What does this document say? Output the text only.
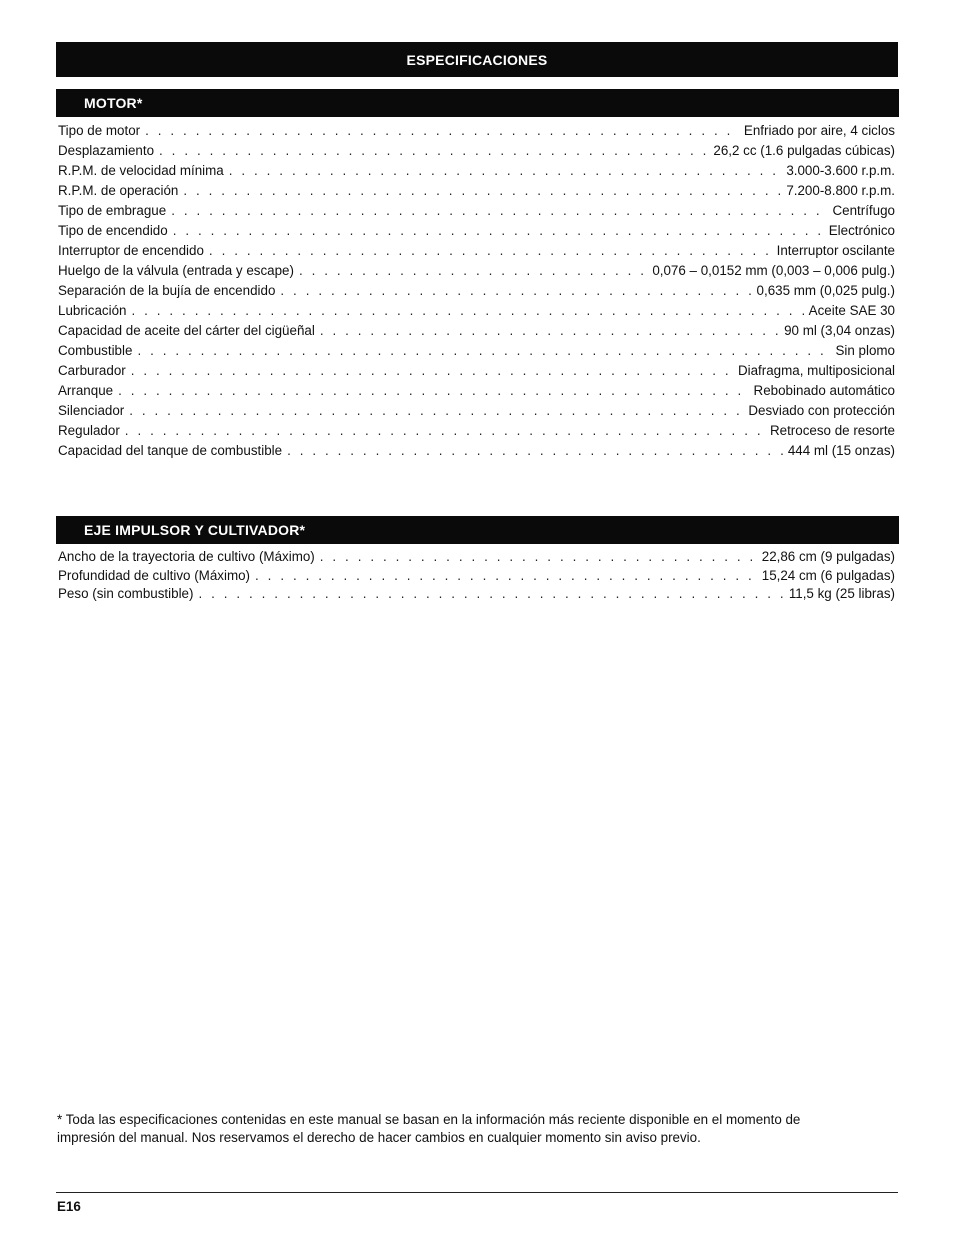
ESPECIFICACIONES
MOTOR*
Tipo de motor . . .	Enfriado por aire, 4 ciclos
Desplazamiento . . .	26,2 cc (1.6 pulgadas cúbicas)
R.P.M. de velocidad mínima . . .	3.000-3.600 r.p.m.
R.P.M. de operación . . .	7.200-8.800 r.p.m.
Tipo de embrague . . .	Centrífugo
Tipo de encendido . . .	Electrónico
Interruptor de encendido . . .	Interruptor oscilante
Huelgo de la válvula (entrada y escape) . . .	0,076 – 0,0152 mm (0,003 – 0,006 pulg.)
Separación de la bujía de encendido . . .	0,635 mm (0,025 pulg.)
Lubricación . . .	Aceite SAE 30
Capacidad de aceite del cárter del cigüeñal . . .	90 ml (3,04 onzas)
Combustible . . .	Sin plomo
Carburador . . .	Diafragma, multiposicional
Arranque . . .	Rebobinado automático
Silenciador . . .	Desviado con protección
Regulador . . .	Retroceso de resorte
Capacidad del tanque de combustible . . .	444 ml (15 onzas)
EJE IMPULSOR Y CULTIVADOR*
Ancho de la trayectoria de cultivo (Máximo) . . .	22,86 cm (9 pulgadas)
Profundidad de cultivo (Máximo) . . .	15,24 cm (6 pulgadas)
Peso (sin combustible) . . .	11,5 kg (25 libras)
* Toda las especificaciones contenidas en este manual se basan en la información más reciente disponible en el momento de impresión del manual. Nos reservamos el derecho de hacer cambios en cualquier momento sin aviso previo.
E16
